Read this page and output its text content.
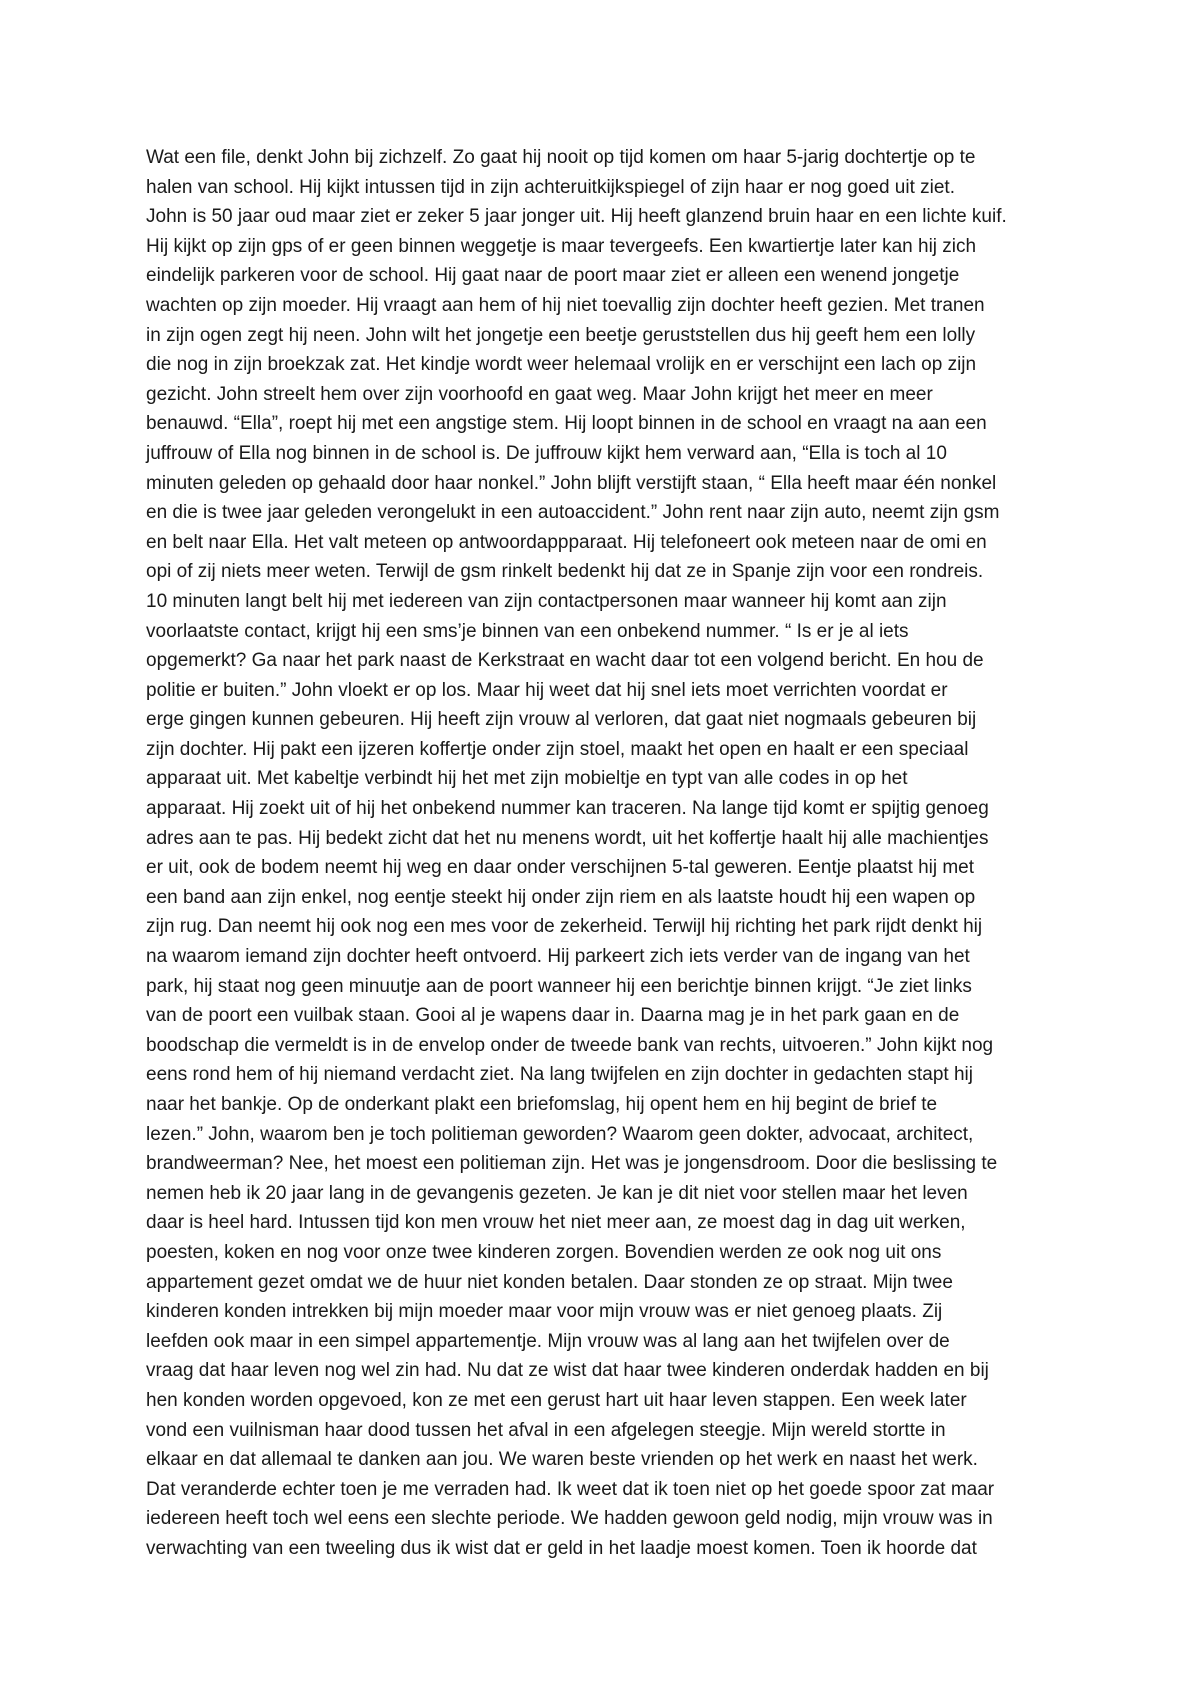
Wat een file, denkt John bij zichzelf. Zo gaat hij nooit op tijd komen om haar 5-jarig dochtertje op te
halen van school. Hij kijkt intussen tijd in zijn achteruitkijkspiegel of zijn haar er nog goed uit ziet.
John is 50 jaar oud maar ziet er zeker 5 jaar jonger uit. Hij heeft glanzend bruin haar en een lichte kuif.
Hij kijkt op zijn gps of er geen binnen weggetje is maar tevergeefs. Een kwartiertje later kan hij zich
eindelijk parkeren voor de school. Hij gaat naar de poort maar ziet er alleen een wenend jongetje
wachten op zijn moeder. Hij vraagt aan hem of hij niet toevallig zijn dochter heeft gezien. Met tranen
in zijn ogen zegt hij neen. John wilt het jongetje een beetje geruststellen dus hij geeft hem een lolly
die nog in zijn broekzak zat. Het kindje wordt weer helemaal vrolijk en er verschijnt een lach op zijn
gezicht. John streelt hem over zijn voorhoofd en gaat weg. Maar John krijgt het meer en meer
benauwd. “Ella”, roept hij met een angstige stem. Hij loopt binnen in de school en vraagt na aan een
juffrouw of Ella nog binnen in de school is. De juffrouw kijkt hem verward aan, “Ella is toch al 10
minuten geleden op gehaald door haar nonkel.” John blijft verstijft staan, “ Ella heeft maar één nonkel
en die is twee jaar geleden verongelukt in een autoaccident.” John rent naar zijn auto, neemt zijn gsm
en belt naar Ella. Het valt meteen op antwoordappparaat. Hij telefoneert ook meteen naar de omi en
opi of zij niets meer weten. Terwijl de gsm rinkelt bedenkt hij dat ze in Spanje zijn voor een rondreis.
10 minuten langt belt hij met iedereen van zijn contactpersonen maar wanneer hij komt aan zijn
voorlaatste contact, krijgt hij een sms’je binnen van een onbekend nummer. “ Is er je al iets
opgemerkt? Ga naar het park naast de Kerkstraat en wacht daar tot een volgend bericht. En hou de
politie er buiten.” John vloekt er op los. Maar hij weet dat hij snel iets moet verrichten voordat er
erge gingen kunnen gebeuren. Hij heeft zijn vrouw al verloren, dat gaat niet nogmaals gebeuren bij
zijn dochter. Hij pakt een ijzeren koffertje onder zijn stoel, maakt het open en haalt er een speciaal
apparaat uit. Met kabeltje verbindt hij het met zijn mobieltje en typt van alle codes in op het
apparaat. Hij zoekt uit of hij het onbekend nummer kan traceren. Na lange tijd komt er spijtig genoeg
adres aan te pas. Hij bedekt zicht dat het nu menens wordt, uit het koffertje haalt hij alle machientjes
er uit, ook de bodem neemt hij weg en daar onder verschijnen 5-tal geweren. Eentje plaatst hij met
een band aan zijn enkel, nog eentje steekt hij onder zijn riem en als laatste houdt hij een wapen op
zijn rug. Dan neemt hij ook nog een mes voor de zekerheid. Terwijl hij richting het park rijdt denkt hij
na waarom iemand zijn dochter heeft ontvoerd. Hij parkeert zich iets verder van de ingang van het
park, hij staat nog geen minuutje aan de poort wanneer hij een berichtje binnen krijgt. “Je ziet links
van de poort een vuilbak staan. Gooi al je wapens daar in. Daarna mag je in het park gaan en de
boodschap die vermeldt is in de envelop onder de tweede bank van rechts, uitvoeren.” John kijkt nog
eens rond hem of hij niemand verdacht ziet. Na lang twijfelen en zijn dochter in gedachten stapt hij
naar het bankje. Op de onderkant plakt een briefomslag, hij opent hem en hij begint de brief te
lezen.” John, waarom ben je toch politieman geworden? Waarom geen dokter, advocaat, architect,
brandweerman? Nee, het moest een politieman zijn. Het was je jongensdroom. Door die beslissing te
nemen heb ik 20 jaar lang in de gevangenis gezeten. Je kan je dit niet voor stellen maar het leven
daar is heel hard. Intussen tijd kon men vrouw het niet meer aan, ze moest dag in dag uit werken,
poesten, koken en nog voor onze twee kinderen zorgen. Bovendien werden ze ook nog uit ons
appartement gezet omdat we de huur niet konden betalen. Daar stonden ze op straat. Mijn twee
kinderen konden intrekken bij mijn moeder maar voor mijn vrouw was er niet genoeg plaats. Zij
leefden ook maar in een simpel appartementje. Mijn vrouw was al lang aan het twijfelen over de
vraag dat haar leven nog wel zin had. Nu dat ze wist dat haar twee kinderen onderdak hadden en bij
hen konden worden opgevoed, kon ze met een gerust hart uit haar leven stappen. Een week later
vond een vuilnisman haar dood tussen het afval in een afgelegen steegje. Mijn wereld stortte in
elkaar en dat allemaal te danken aan jou. We waren beste vrienden op het werk en naast het werk.
Dat veranderde echter toen je me verraden had. Ik weet dat ik toen niet op het goede spoor zat maar
iedereen heeft toch wel eens een slechte periode. We hadden gewoon geld nodig, mijn vrouw was in
verwachting van een tweeling dus ik wist dat er geld in het laadje moest komen. Toen ik hoorde dat
